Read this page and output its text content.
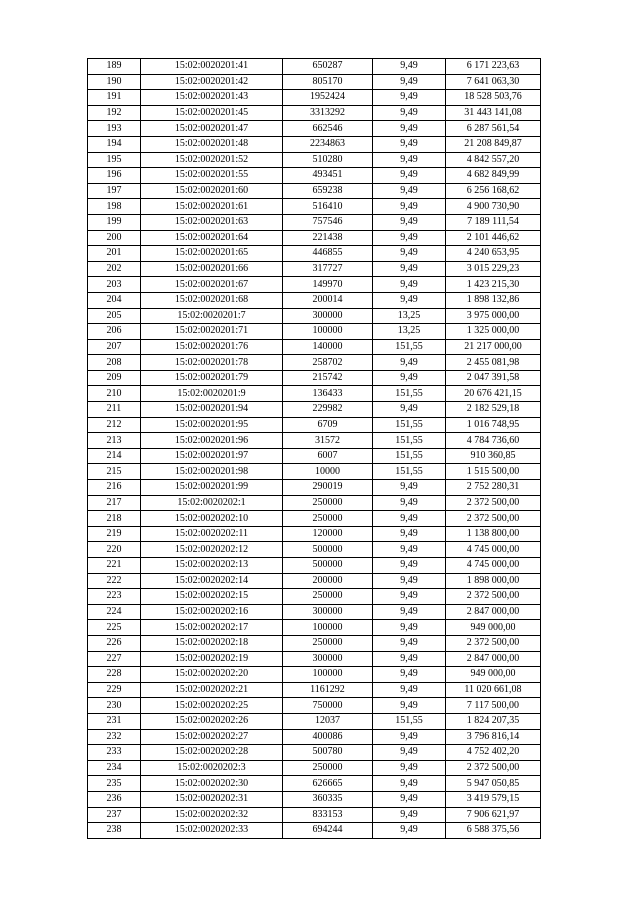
189	15:02:0020201:41	650287	9,49	6 171 223,63
190	15:02:0020201:42	805170	9,49	7 641 063,30
191	15:02:0020201:43	1952424	9,49	18 528 503,76
192	15:02:0020201:45	3313292	9,49	31 443 141,08
193	15:02:0020201:47	662546	9,49	6 287 561,54
194	15:02:0020201:48	2234863	9,49	21 208 849,87
195	15:02:0020201:52	510280	9,49	4 842 557,20
196	15:02:0020201:55	493451	9,49	4 682 849,99
197	15:02:0020201:60	659238	9,49	6 256 168,62
198	15:02:0020201:61	516410	9,49	4 900 730,90
199	15:02:0020201:63	757546	9,49	7 189 111,54
200	15:02:0020201:64	221438	9,49	2 101 446,62
201	15:02:0020201:65	446855	9,49	4 240 653,95
202	15:02:0020201:66	317727	9,49	3 015 229,23
203	15:02:0020201:67	149970	9,49	1 423 215,30
204	15:02:0020201:68	200014	9,49	1 898 132,86
205	15:02:0020201:7	300000	13,25	3 975 000,00
206	15:02:0020201:71	100000	13,25	1 325 000,00
207	15:02:0020201:76	140000	151,55	21 217 000,00
208	15:02:0020201:78	258702	9,49	2 455 081,98
209	15:02:0020201:79	215742	9,49	2 047 391,58
210	15:02:0020201:9	136433	151,55	20 676 421,15
211	15:02:0020201:94	229982	9,49	2 182 529,18
212	15:02:0020201:95	6709	151,55	1 016 748,95
213	15:02:0020201:96	31572	151,55	4 784 736,60
214	15:02:0020201:97	6007	151,55	910 360,85
215	15:02:0020201:98	10000	151,55	1 515 500,00
216	15:02:0020201:99	290019	9,49	2 752 280,31
217	15:02:0020202:1	250000	9,49	2 372 500,00
218	15:02:0020202:10	250000	9,49	2 372 500,00
219	15:02:0020202:11	120000	9,49	1 138 800,00
220	15:02:0020202:12	500000	9,49	4 745 000,00
221	15:02:0020202:13	500000	9,49	4 745 000,00
222	15:02:0020202:14	200000	9,49	1 898 000,00
223	15:02:0020202:15	250000	9,49	2 372 500,00
224	15:02:0020202:16	300000	9,49	2 847 000,00
225	15:02:0020202:17	100000	9,49	949 000,00
226	15:02:0020202:18	250000	9,49	2 372 500,00
227	15:02:0020202:19	300000	9,49	2 847 000,00
228	15:02:0020202:20	100000	9,49	949 000,00
229	15:02:0020202:21	1161292	9,49	11 020 661,08
230	15:02:0020202:25	750000	9,49	7 117 500,00
231	15:02:0020202:26	12037	151,55	1 824 207,35
232	15:02:0020202:27	400086	9,49	3 796 816,14
233	15:02:0020202:28	500780	9,49	4 752 402,20
234	15:02:0020202:3	250000	9,49	2 372 500,00
235	15:02:0020202:30	626665	9,49	5 947 050,85
236	15:02:0020202:31	360335	9,49	3 419 579,15
237	15:02:0020202:32	833153	9,49	7 906 621,97
238	15:02:0020202:33	694244	9,49	6 588 375,56
